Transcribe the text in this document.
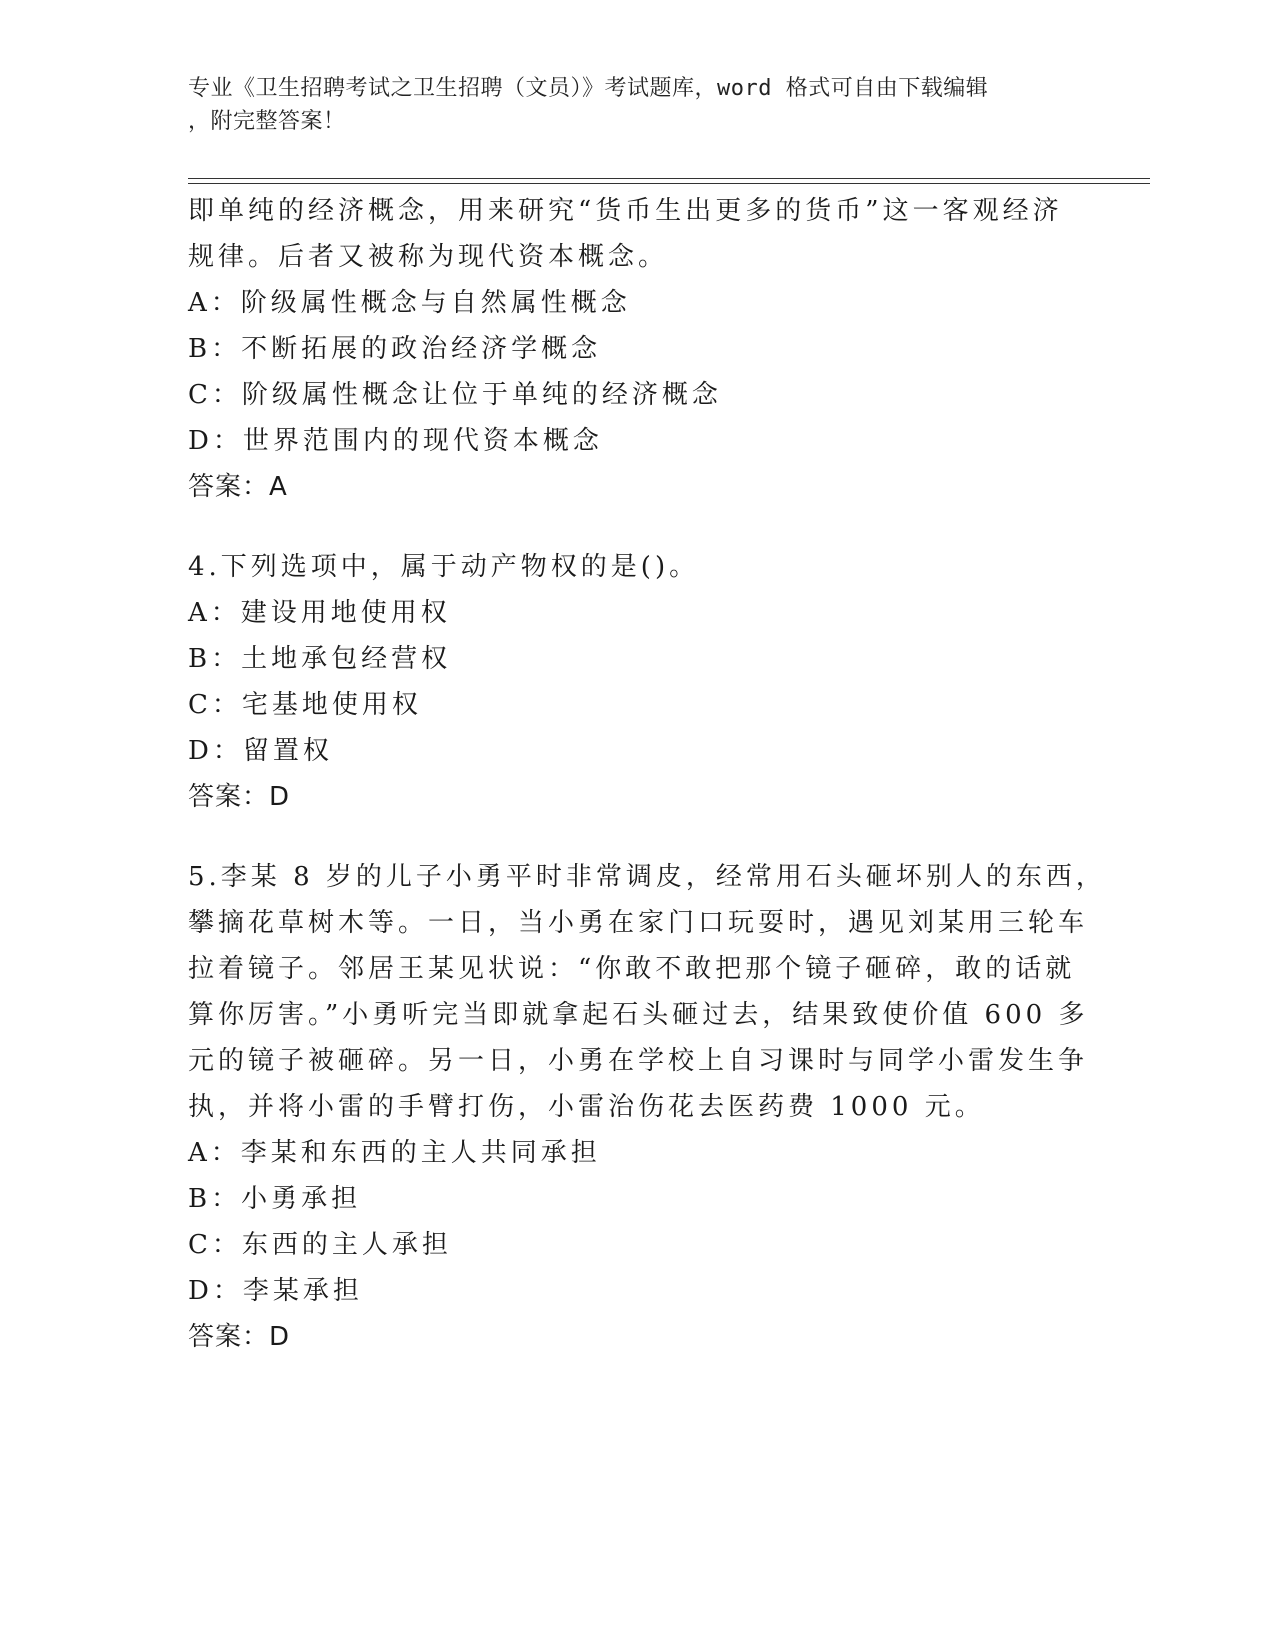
专业《卫生招聘考试之卫生招聘（文员）》考试题库，word 格式可自由下载编辑
，附完整答案！
即单纯的经济概念，用来研究“货币生出更多的货币”这一客观经济
规律。后者又被称为现代资本概念。
A：阶级属性概念与自然属性概念
B：不断拓展的政治经济学概念
C：阶级属性概念让位于单纯的经济概念
D：世界范围内的现代资本概念
答案：A
4.下列选项中，属于动产物权的是()。
A：建设用地使用权
B：土地承包经营权
C：宅基地使用权
D：留置权
答案：D
5.李某 8 岁的儿子小勇平时非常调皮，经常用石头砸坏别人的东西，
攀摘花草树木等。一日，当小勇在家门口玩耍时，遇见刘某用三轮车
拉着镜子。邻居王某见状说：“你敢不敢把那个镜子砸碎，敢的话就
算你厉害。”小勇听完当即就拿起石头砸过去，结果致使价值 600 多
元的镜子被砸碎。另一日，小勇在学校上自习课时与同学小雷发生争
执，并将小雷的手臂打伤，小雷治伤花去医药费 1000 元。
A：李某和东西的主人共同承担
B：小勇承担
C：东西的主人承担
D：李某承担
答案：D
